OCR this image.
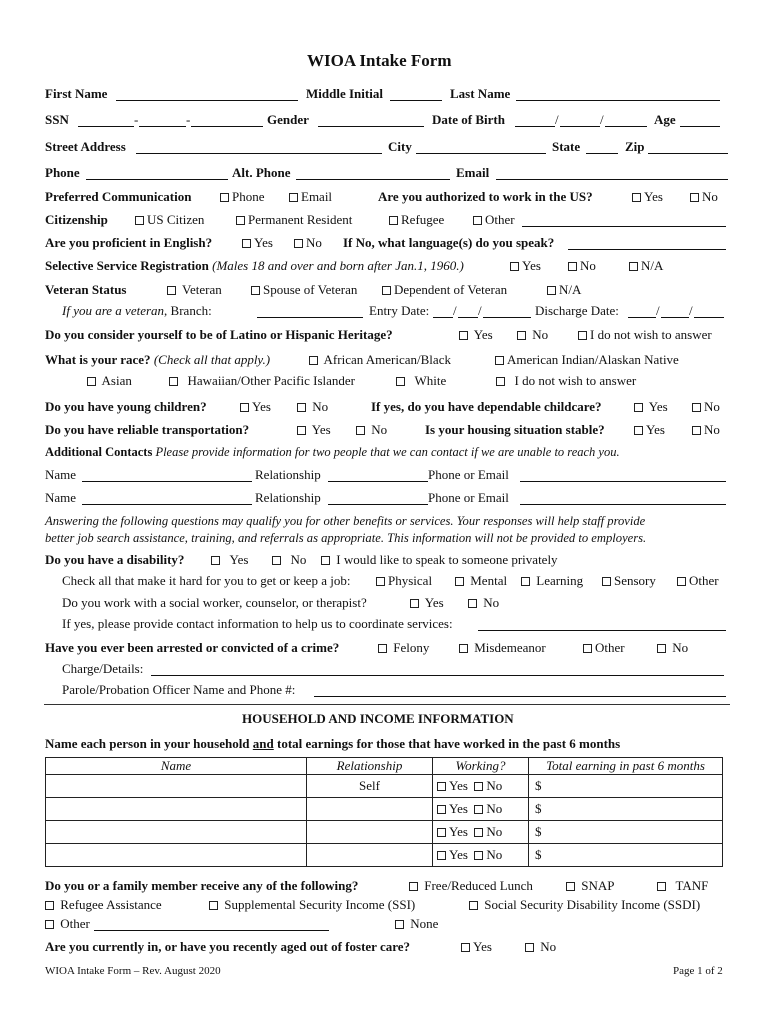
WIOA Intake Form
First Name	Middle Initial	Last Name
SSN	-	-	Gender	Date of Birth	/	/	Age
Street Address	City	State	Zip
Phone	Alt. Phone	Email
Preferred Communication	Phone	Email	Are you authorized to work in the US?	Yes	No
Citizenship	US Citizen	Permanent Resident	Refugee	Other
Are you proficient in English?	Yes	No If No, what language(s) do you speak?
Selective Service Registration (Males 18 and over and born after Jan.1, 1960.)	Yes	No	N/A
Veteran Status	Veteran	Spouse of Veteran	Dependent of Veteran	N/A
If you are a veteran, Branch:	Entry Date: / /	Discharge Date:	/ /
Do you consider yourself to be of Latino or Hispanic Heritage?	Yes	No	I do not wish to answer
What is your race? (Check all that apply.)	African American/Black	American Indian/Alaskan Native
Asian	Hawaiian/Other Pacific Islander	White	I do not wish to answer
Do you have young children?	Yes	No	If yes, do you have dependable childcare?	Yes	No
Do you have reliable transportation?	Yes	No	Is your housing situation stable?	Yes	No
Additional Contacts Please provide information for two people that we can contact if we are unable to reach you.
Name	Relationship	Phone or Email
Name	Relationship	Phone or Email
Answering the following questions may qualify you for other benefits or services. Your responses will help staff provide
better job search assistance, training, and referrals as appropriate. This information will not be provided to employers.
Do you have a disability?	Yes	No	I would like to speak to someone privately
Check all that make it hard for you to get or keep a job:	Physical	Mental	Learning	Sensory	Other
Do you work with a social worker, counselor, or therapist?	Yes	No
If yes, please provide contact information to help us to coordinate services:
Have you ever been arrested or convicted of a crime?	Felony	Misdemeanor	Other	No
Charge/Details:
Parole/Probation Officer Name and Phone #:
HOUSEHOLD AND INCOME INFORMATION
Name each person in your household and total earnings for those that have worked in the past 6 months
Name	Relationship	Working?	Total earning in past 6 months
	Self	Yes No	$
		Yes No	$
		Yes No	$
		Yes No	$
Do you or a family member receive any of the following?	Free/Reduced Lunch	SNAP	TANF
Refugee Assistance	Supplemental Security Income (SSI)	Social Security Disability Income (SSDI)
Other	None
Are you currently in, or have you recently aged out of foster care?	Yes	No
WIOA Intake Form – Rev. August 2020	Page 1 of 2
